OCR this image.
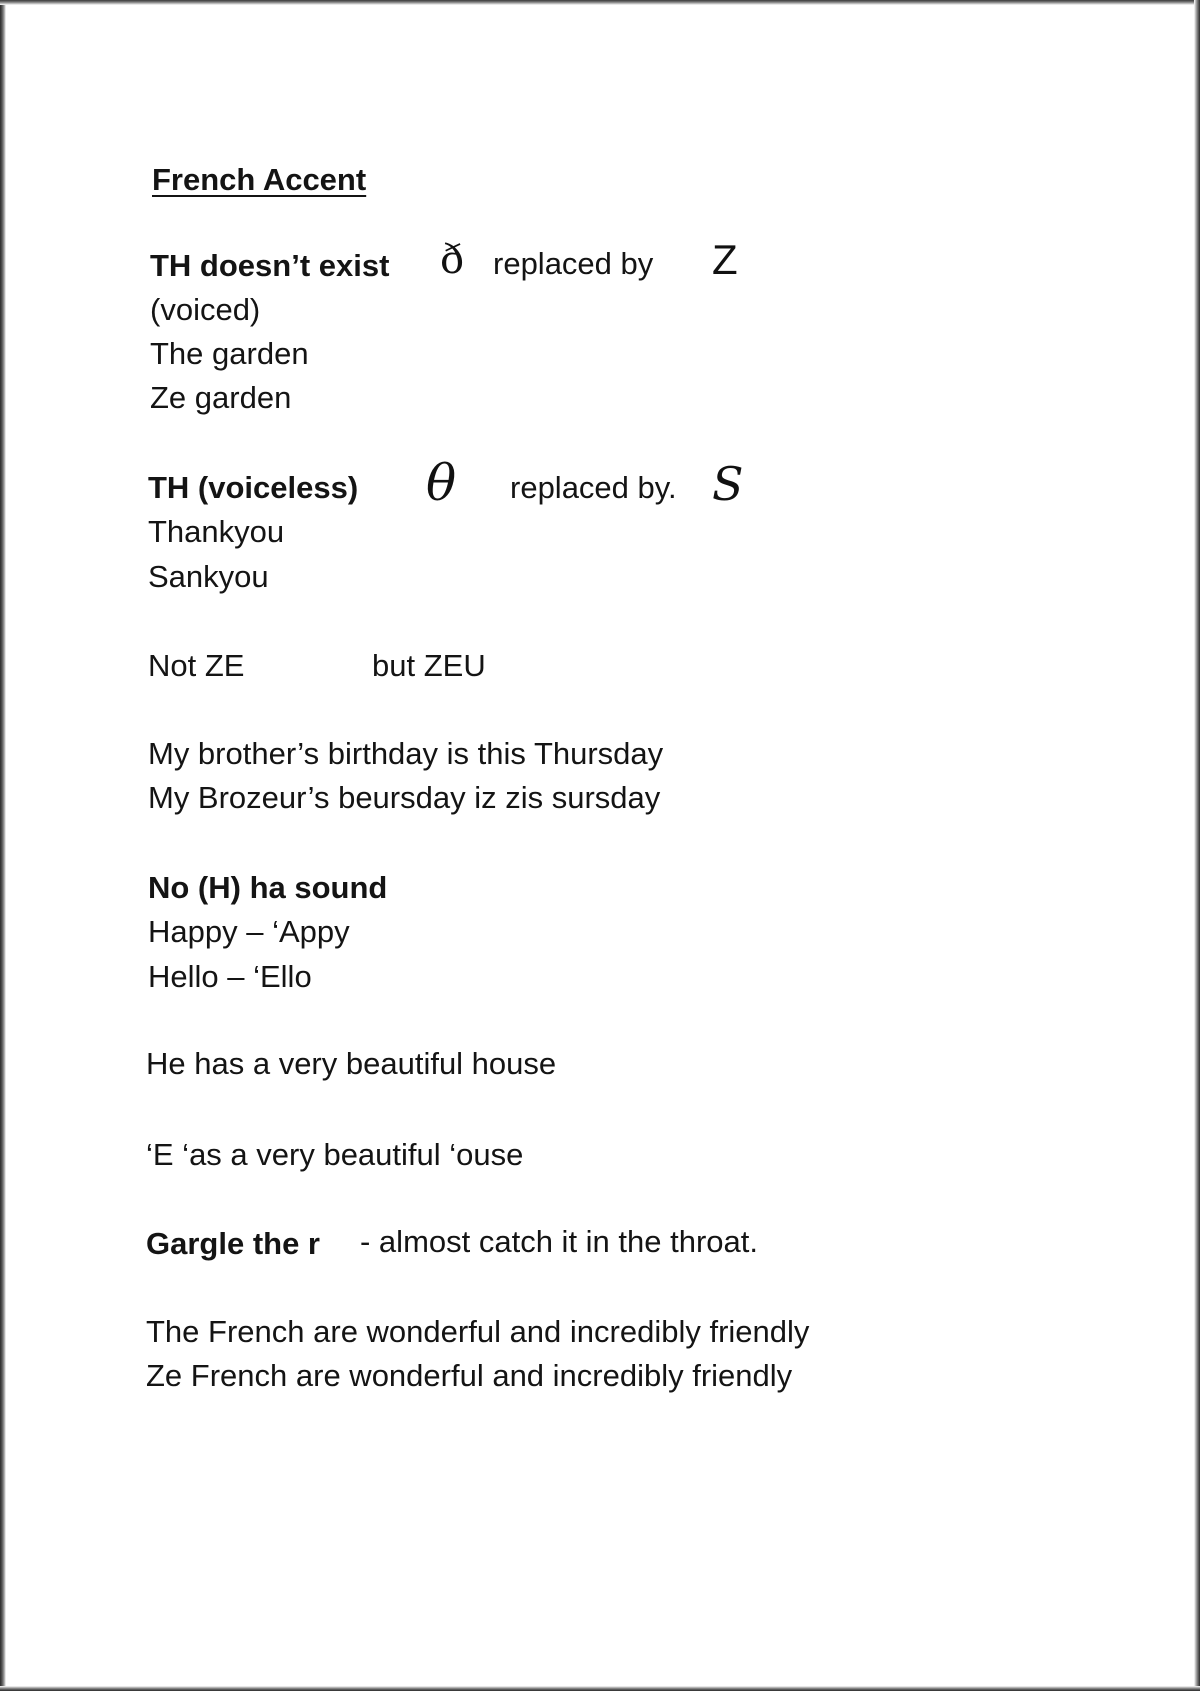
French Accent
TH doesn’t exist ð replaced by Z
(voiced)
The garden
Ze garden
TH (voiceless) θ replaced by. S
Thankyou
Sankyou
Not ZE	but ZEU
My brother’s birthday is this Thursday
My Brozeur’s beursday iz zis sursday
No (H) ha sound
Happy – ‘Appy
Hello – ‘Ello
He has a very beautiful house
‘E ‘as a very beautiful ‘ouse
Gargle the r - almost catch it in the throat.
The French are wonderful and incredibly friendly
Ze French are wonderful and incredibly friendly
